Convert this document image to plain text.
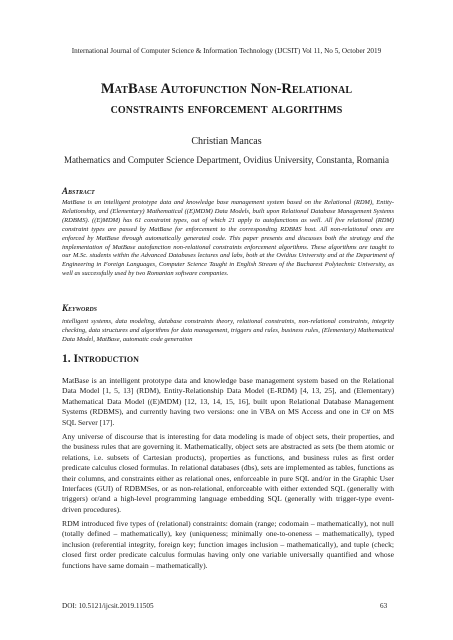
International Journal of Computer Science & Information Technology (IJCSIT) Vol 11, No 5, October 2019
MatBase Autofunction Non-Relational
constraints enforcement algorithms
Christian Mancas
Mathematics and Computer Science Department, Ovidius University, Constanta, Romania
Abstract
MatBase is an intelligent prototype data and knowledge base management system based on the Relational (RDM), Entity-Relationship, and (Elementary) Mathematical ((E)MDM) Data Models, built upon Relational Database Management Systems (RDBMS). ((E)MDM) has 61 constraint types, out of which 21 apply to autofunctions as well. All five relational (RDM) constraint types are passed by MatBase for enforcement to the corresponding RDBMS host. All non-relational ones are enforced by MatBase through automatically generated code. This paper presents and discusses both the strategy and the implementation of MatBase autofunction non-relational constraints enforcement algorithms. These algorithms are taught to our M.Sc. students within the Advanced Databases lectures and labs, both at the Ovidius University and at the Department of Engineering in Foreign Languages, Computer Science Taught in English Stream of the Bucharest Polytechnic University, as well as successfully used by two Romanian software companies.
Keywords
intelligent systems, data modeling, database constraints theory, relational constraints, non-relational constraints, integrity checking, data structures and algorithms for data management, triggers and rules, business rules, (Elementary) Mathematical Data Model, MatBase, automatic code generation
1. Introduction
MatBase is an intelligent prototype data and knowledge base management system based on the Relational Data Model [1, 5, 13] (RDM), Entity-Relationship Data Model (E-RDM) [4, 13, 25], and (Elementary) Mathematical Data Model ((E)MDM) [12, 13, 14, 15, 16], built upon Relational Database Management Systems (RDBMS), and currently having two versions: one in VBA on MS Access and one in C# on MS SQL Server [17].
Any universe of discourse that is interesting for data modeling is made of object sets, their properties, and the business rules that are governing it. Mathematically, object sets are abstracted as sets (be them atomic or relations, i.e. subsets of Cartesian products), properties as functions, and business rules as first order predicate calculus closed formulas. In relational databases (dbs), sets are implemented as tables, functions as their columns, and constraints either as relational ones, enforceable in pure SQL and/or in the Graphic User Interfaces (GUI) of RDBMSes, or as non-relational, enforceable with either extended SQL (generally with triggers) or/and a high-level programming language embedding SQL (generally with trigger-type event-driven procedures).
RDM introduced five types of (relational) constraints: domain (range; codomain – mathematically), not null (totally defined – mathematically), key (uniqueness; minimally one-to-oneness – mathematically), typed inclusion (referential integrity, foreign key; function images inclusion – mathematically), and tuple (check; closed first order predicate calculus formulas having only one variable universally quantified and whose functions have same domain – mathematically).
DOI: 10.5121/ijcsit.2019.11505	63
